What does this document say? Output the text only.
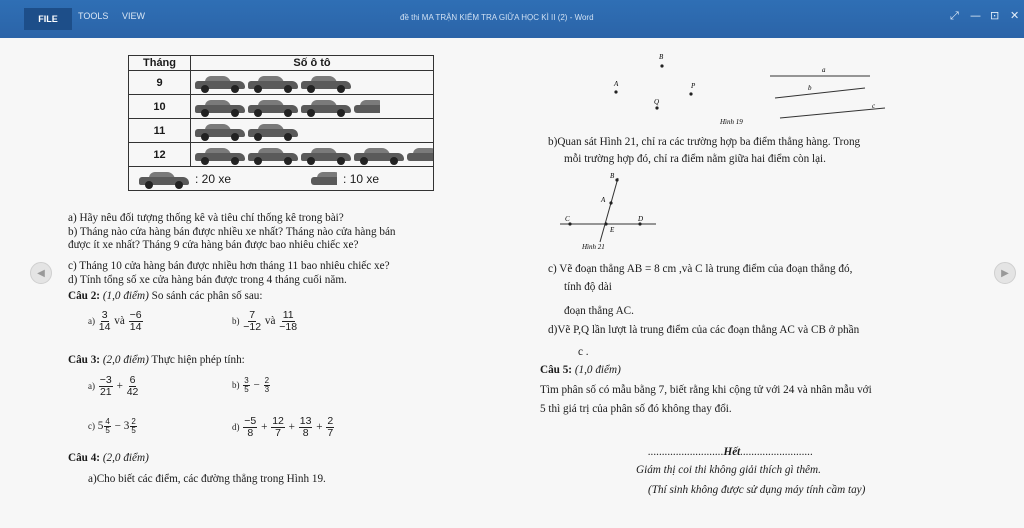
FILE	TOOLS VIEW	đề thi MA TRẬN KIỂM TRA GIỮA HỌC KÌ II (2) - Word	⤢ — ⊡ ✕
Tháng	Số ô tô
9	

10	

11	

12	

: 20 xe : 10 xe	
a) Hãy nêu đối tượng thống kê và tiêu chí thống kê trong bài?
b) Tháng nào cửa hàng bán được nhiều xe nhất? Tháng nào cửa hàng bán
được ít xe nhất? Tháng 9 cửa hàng bán được bao nhiêu chiếc xe?
c) Tháng 10 cửa hàng bán được nhiều hơn tháng 11 bao nhiêu chiếc xe?
d) Tính tổng số xe cửa hàng bán được trong 4 tháng cuối năm.
Câu 2: (1,0 điểm) So sánh các phân số sau:
$a) \frac{3}{14}$ và $\frac{-6}{14}$	$b) \frac{7}{-12}$ và $\frac{11}{-18}$
Câu 3: (2,0 điểm) Thực hiện phép tính:
$a) \frac{-3}{21} + \frac{6}{42}$	$b) \frac{3}{5} - \frac{2}{3}$
c) $5 \frac{4}{5} - 3 \frac{2}{5}$	$d) \frac{-5}{8} + \frac{12}{7} + \frac{13}{8} + \frac{2}{7}$
Câu 4: (2,0 điểm)
a)Cho biết các điểm, các đường thẳng trong Hình 19.
B
A	P
Q
a
b
c
Hình 19
b)Quan sát Hình 21, chỉ ra các trường hợp ba điểm thẳng hàng. Trong
mỗi trường hợp đó, chỉ ra điểm nằm giữa hai điểm còn lại.
B
A
C
E
D
Hình 21
c) Vẽ đoạn thẳng AB = 8 cm ,và C là trung điểm của đoạn thẳng đó,
tính độ dài
đoạn thẳng AC.
d)Vẽ P,Q lần lượt là trung điểm của các đoạn thẳng AC và CB ở phần
c .
Câu 5: (1,0 điểm)
Tìm phân số có mẫu bằng 7, biết rằng khi cộng tử với 24 và nhân mẫu với
5 thì giá trị của phân số đó không thay đổi.
...........................Hết..........................
Giám thị coi thi không giải thích gì thêm.
(Thí sinh không được sử dụng máy tính cầm tay)
◀	▶
